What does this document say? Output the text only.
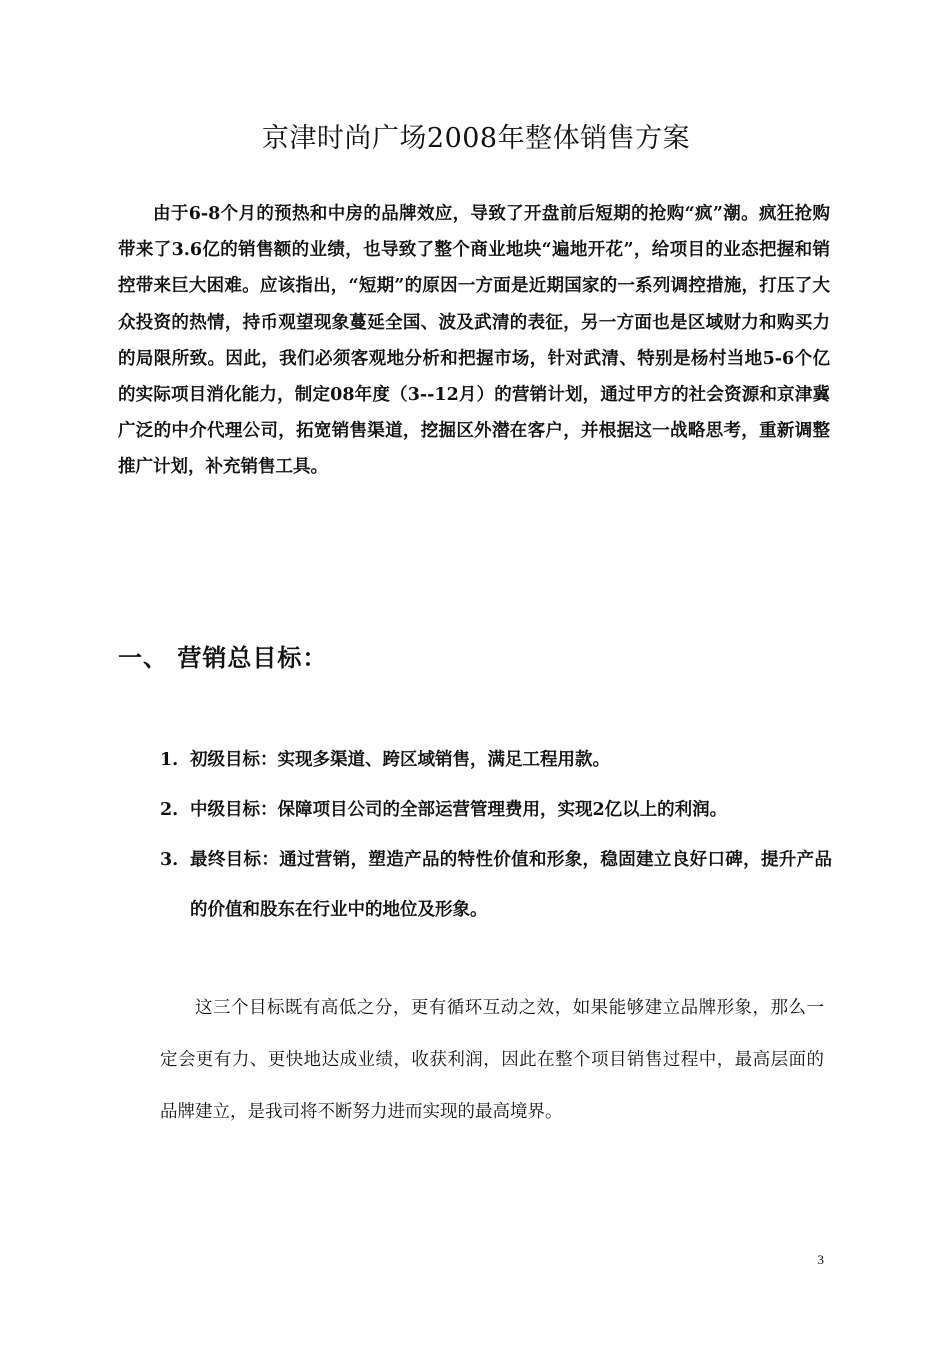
京津时尚广场2008年整体销售方案

由于6-8个月的预热和中房的品牌效应，导致了开盘前后短期的抢购“疯”潮。疯狂抢购带来了3.6亿的销售额的业绩，也导致了整个商业地块“遍地开花”，给项目的业态把握和销控带来巨大困难。应该指出，“短期”的原因一方面是近期国家的一系列调控措施，打压了大众投资的热情，持币观望现象蔓延全国、波及武清的表征，另一方面也是区域财力和购买力的局限所致。因此，我们必须客观地分析和把握市场，针对武清、特别是杨村当地5-6个亿的实际项目消化能力，制定08年度（3--12月）的营销计划，通过甲方的社会资源和京津冀广泛的中介代理公司，拓宽销售渠道，挖掘区外潜在客户，并根据这一战略思考，重新调整推广计划，补充销售工具。

一、 营销总目标：
1. 初级目标：实现多渠道、跨区域销售，满足工程用款。
2. 中级目标：保障项目公司的全部运营管理费用，实现2亿以上的利润。
3. 最终目标：通过营销，塑造产品的特性价值和形象，稳固建立良好口碑，提升产品的价值和股东在行业中的地位及形象。

这三个目标既有高低之分，更有循环互动之效，如果能够建立品牌形象，那么一定会更有力、更快地达成业绩，收获利润，因此在整个项目销售过程中，最高层面的品牌建立，是我司将不断努力进而实现的最高境界。

3
